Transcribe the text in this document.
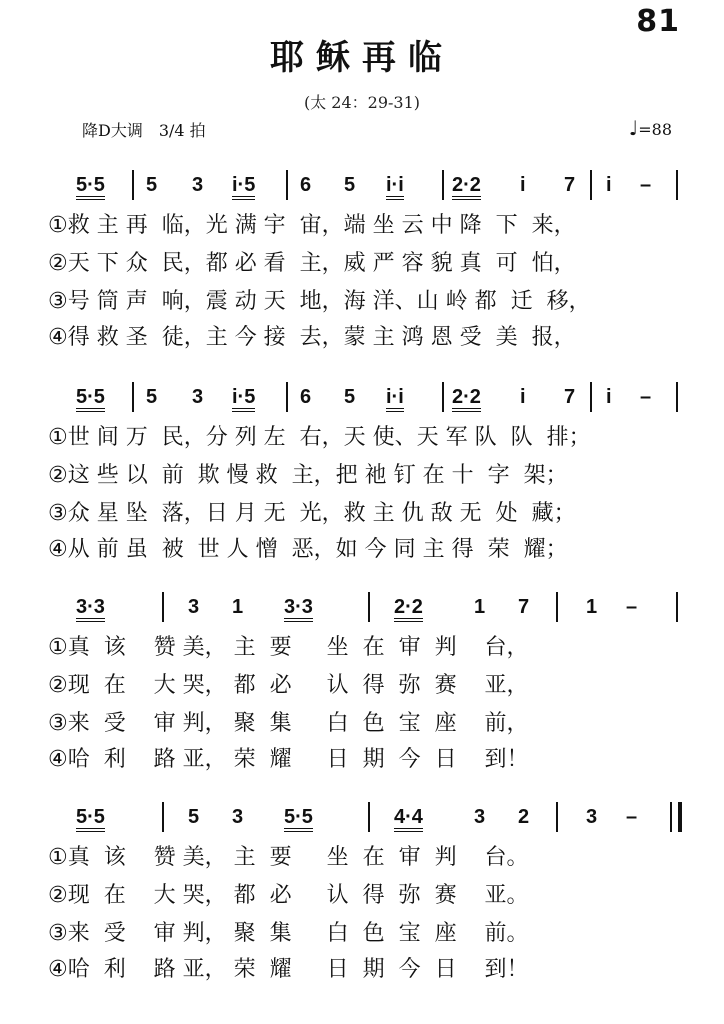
81
耶稣再临
(太 24：29-31)
降D大调　3/4 拍	♩=88
5·5 5 3 i·5 6 5 i·i 2·2 i 7 i –
①救 主 再  临，光 满 宇  宙，端 坐 云 中 降  下  来，
②天 下 众  民，都 必 看  主，威 严 容 貌 真  可  怕，
③号 筒 声  响，震 动 天  地，海 洋、山 岭 都  迁  移，
④得 救 圣  徒，主 今 接  去，蒙 主 鸿 恩 受  美  报，
5·5 5 3 i·5 6 5 i·i 2·2 i 7 i –
①世 间 万  民，分 列 左  右，天 使、天 军 队  队  排；
②这 些 以  前  欺 慢 救  主，把 祂 钉 在 十  字  架；
③众 星 坠  落，日 月 无  光，救 主 仇 敌 无  处  藏；
④从 前 虽  被  世 人 憎  恶，如 今 同 主 得  荣  耀；
3·3	3 1 3·3	2·2	1 7	1 –
①真  该    赞 美， 主  要     坐  在  审  判    台，
②现  在    大 哭， 都  必     认  得  弥  赛    亚，
③来  受    审 判， 聚  集     白  色  宝  座    前，
④哈  利    路 亚， 荣  耀     日  期  今  日    到！
5·5	5 3 5·5	4·4	3 2	3 –
①真  该    赞 美， 主  要     坐  在  审  判    台。
②现  在    大 哭， 都  必     认  得  弥  赛    亚。
③来  受    审 判， 聚  集     白  色  宝  座    前。
④哈  利    路 亚， 荣  耀     日  期  今  日    到！
